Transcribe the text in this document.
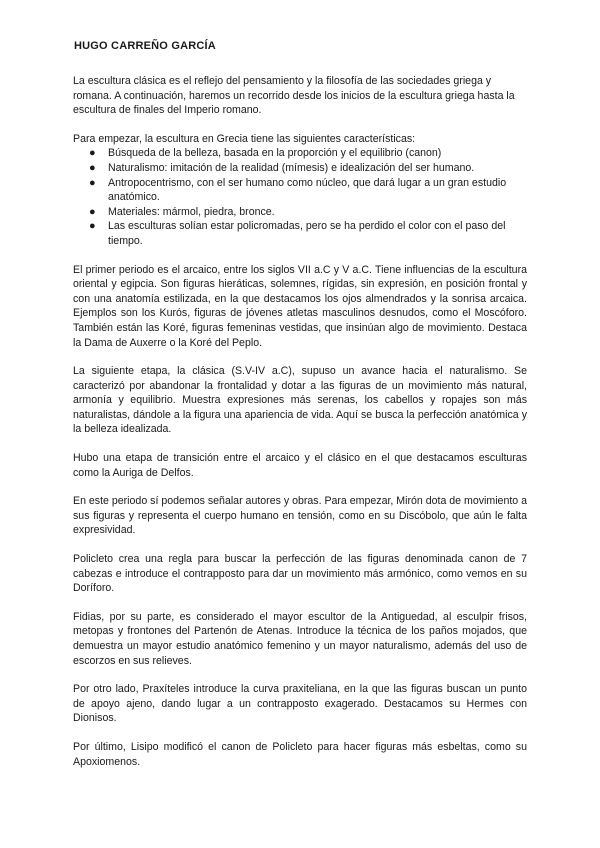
HUGO CARREÑO GARCÍA

La escultura clásica es el reflejo del pensamiento y la filosofía de las sociedades griega y romana. A continuación, haremos un recorrido desde los inicios de la escultura griega hasta la escultura de finales del Imperio romano.

Para empezar, la escultura en Grecia tiene las siguientes características:

● Búsqueda de la belleza, basada en la proporción y el equilibrio (canon)
● Naturalismo: imitación de la realidad (mímesis) e idealización del ser humano.
● Antropocentrismo, con el ser humano como núcleo, que dará lugar a un gran estudio anatómico.
● Materiales: mármol, piedra, bronce.
● Las esculturas solían estar policromadas, pero se ha perdido el color con el paso del tiempo.

El primer periodo es el arcaico, entre los siglos VII a.C y V a.C. Tiene influencias de la escultura oriental y egipcia. Son figuras hieráticas, solemnes, rígidas, sin expresión, en posición frontal y con una anatomía estilizada, en la que destacamos los ojos almendrados y la sonrisa arcaica. Ejemplos son los Kurós, figuras de jóvenes atletas masculinos desnudos, como el Moscóforo. También están las Koré, figuras femeninas vestidas, que insinúan algo de movimiento. Destaca la Dama de Auxerre o la Koré del Peplo.

La siguiente etapa, la clásica (S.V-IV a.C), supuso un avance hacia el naturalismo. Se caracterizó por abandonar la frontalidad y dotar a las figuras de un movimiento más natural, armonía y equilibrio. Muestra expresiones más serenas, los cabellos y ropajes son más naturalistas, dándole a la figura una apariencia de vida. Aquí se busca la perfección anatómica y la belleza idealizada.

Hubo una etapa de transición entre el arcaico y el clásico en el que destacamos esculturas como la Auriga de Delfos.

En este periodo sí podemos señalar autores y obras. Para empezar, Mirón dota de movimiento a sus figuras y representa el cuerpo humano en tensión, como en su Discóbolo, que aún le falta expresividad.

Policleto crea una regla para buscar la perfección de las figuras denominada canon de 7 cabezas e introduce el contrapposto para dar un movimiento más armónico, como vemos en su Doríforo.

Fidias, por su parte, es considerado el mayor escultor de la Antiguedad, al esculpir frisos, metopas y frontones del Partenón de Atenas. Introduce la técnica de los paños mojados, que demuestra un mayor estudio anatómico femenino y un mayor naturalismo, además del uso de escorzos en sus relieves.

Por otro lado, Praxíteles introduce la curva praxiteliana, en la que las figuras buscan un punto de apoyo ajeno, dando lugar a un contrapposto exagerado. Destacamos su Hermes con Dionisos.

Por último, Lisipo modificó el canon de Policleto para hacer figuras más esbeltas, como su Apoxiomenos.
